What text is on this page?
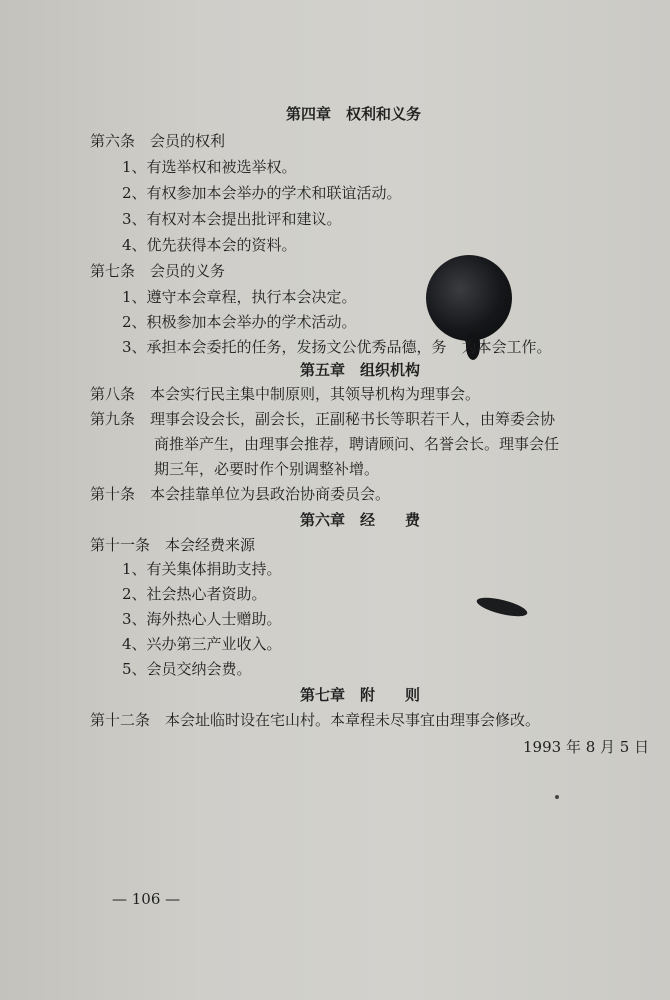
第四章　权利和义务
第六条　会员的权利
1、有选举权和被选举权。
2、有权参加本会举办的学术和联谊活动。
3、有权对本会提出批评和建议。
4、优先获得本会的资料。
第七条　会员的义务
1、遵守本会章程，执行本会决定。
2、积极参加本会举办的学术活动。
3、承担本会委托的任务，发扬文公优秀品德，务　为本会工作。
第五章　组织机构
第八条　本会实行民主集中制原则，其领导机构为理事会。
第九条　理事会设会长，副会长，正副秘书长等职若干人，由筹委会协
商推举产生，由理事会推荐，聘请顾问、名誉会长。理事会任
期三年，必要时作个别调整补增。
第十条　本会挂靠单位为县政治协商委员会。
第六章　经　　费
第十一条　本会经费来源
1、有关集体捐助支持。
2、社会热心者资助。
3、海外热心人士赠助。
4、兴办第三产业收入。
5、会员交纳会费。
第七章　附　　则
第十二条　本会址临时设在宅山村。本章程未尽事宜由理事会修改。
1993 年 8 月 5 日
— 106 —
